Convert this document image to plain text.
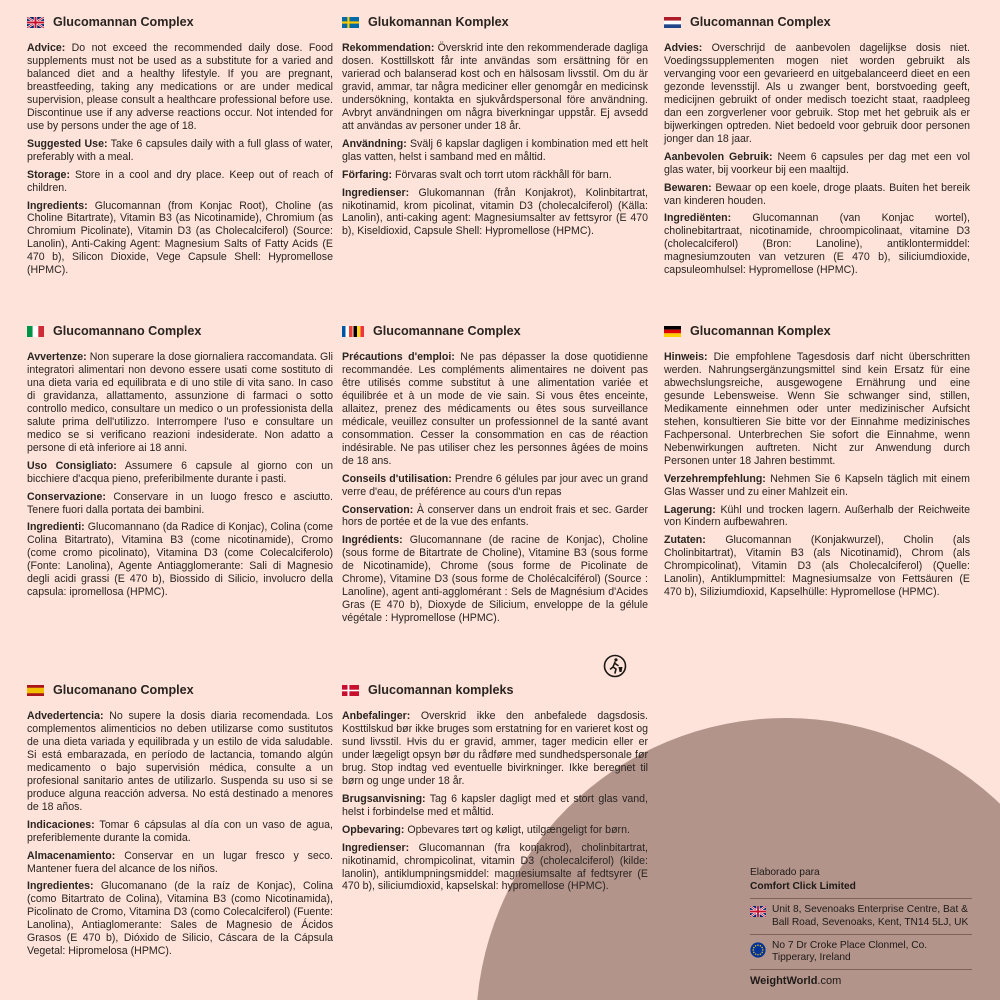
Glucomannan Complex

Advice: Do not exceed the recommended daily dose. Food supplements must not be used as a substitute for a varied and balanced diet and a healthy lifestyle. If you are pregnant, breastfeeding, taking any medications or are under medical supervision, please consult a healthcare professional before use. Discontinue use if any adverse reactions occur. Not intended for use by persons under the age of 18.

Suggested Use: Take 6 capsules daily with a full glass of water, preferably with a meal.

Storage: Store in a cool and dry place. Keep out of reach of children.

Ingredients: Glucomannan (from Konjac Root), Choline (as Choline Bitartrate), Vitamin B3 (as Nicotinamide), Chromium (as Chromium Picolinate), Vitamin D3 (as Cholecalciferol) (Source: Lanolin), Anti-Caking Agent: Magnesium Salts of Fatty Acids (E 470 b), Silicon Dioxide, Vege Capsule Shell: Hypromellose (HPMC).

Glukomannan Komplex

Rekommendation: Överskrid inte den rekommenderade dagliga dosen. Kosttillskott får inte användas som ersättning för en varierad och balanserad kost och en hälsosam livsstil. Om du är gravid, ammar, tar några mediciner eller genomgår en medicinsk undersökning, kontakta en sjukvårdspersonal före användning. Avbryt användningen om några biverkningar uppstår. Ej avsedd att användas av personer under 18 år.

Användning: Svälj 6 kapslar dagligen i kombination med ett helt glas vatten, helst i samband med en måltid.

Förfaring: Förvaras svalt och torrt utom räckhåll för barn.

Ingredienser: Glukomannan (från Konjakrot), Kolinbitartrat, nikotinamid, krom picolinat, vitamin D3 (cholecalciferol) (Källa: Lanolin), anti-caking agent: Magnesiumsalter av fettsyror (E 470 b), Kiseldioxid, Capsule Shell: Hypromellose (HPMC).

Glucomannan Complex

Advies: Overschrijd de aanbevolen dagelijkse dosis niet. Voedingssupplementen mogen niet worden gebruikt als vervanging voor een gevarieerd en uitgebalanceerd dieet en een gezonde levensstijl. Als u zwanger bent, borstvoeding geeft, medicijnen gebruikt of onder medisch toezicht staat, raadpleeg dan een zorgverlener voor gebruik. Stop met het gebruik als er bijwerkingen optreden. Niet bedoeld voor gebruik door personen jonger dan 18 jaar.

Aanbevolen Gebruik: Neem 6 capsules per dag met een vol glas water, bij voorkeur bij een maaltijd.

Bewaren: Bewaar op een koele, droge plaats. Buiten het bereik van kinderen houden.

Ingrediënten: Glucomannan (van Konjac wortel), cholinebitartraat, nicotinamide, chroompicolinaat, vitamine D3 (cholecalciferol) (Bron: Lanoline), antiklontermiddel: magnesiumzouten van vetzuren (E 470 b), siliciumdioxide, capsuleomhulsel: Hypromellose (HPMC).

Glucomannano Complex

Avvertenze: Non superare la dose giornaliera raccomandata. Gli integratori alimentari non devono essere usati come sostituto di una dieta varia ed equilibrata e di uno stile di vita sano. In caso di gravidanza, allattamento, assunzione di farmaci o sotto controllo medico, consultare un medico o un professionista della salute prima dell'utilizzo. Interrompere l'uso e consultare un medico se si verificano reazioni indesiderate. Non adatto a persone di età inferiore ai 18 anni.

Uso Consigliato: Assumere 6 capsule al giorno con un bicchiere d'acqua pieno, preferibilmente durante i pasti.

Conservazione: Conservare in un luogo fresco e asciutto. Tenere fuori dalla portata dei bambini.

Ingredienti: Glucomannano (da Radice di Konjac), Colina (come Colina Bitartrato), Vitamina B3 (come nicotinamide), Cromo (come cromo picolinato), Vitamina D3 (come Colecalciferolo) (Fonte: Lanolina), Agente Antiagglomerante: Sali di Magnesio degli acidi grassi (E 470 b), Biossido di Silicio, involucro della capsula: ipromellosa (HPMC).

Glucomannane Complex

Précautions d'emploi: Ne pas dépasser la dose quotidienne recommandée. Les compléments alimentaires ne doivent pas être utilisés comme substitut à une alimentation variée et équilibrée et à un mode de vie sain. Si vous êtes enceinte, allaitez, prenez des médicaments ou êtes sous surveillance médicale, veuillez consulter un professionnel de la santé avant consommation. Cesser la consommation en cas de réaction indésirable. Ne pas utiliser chez les personnes âgées de moins de 18 ans.

Conseils d'utilisation: Prendre 6 gélules par jour avec un grand verre d'eau, de préférence au cours d'un repas

Conservation: À conserver dans un endroit frais et sec. Garder hors de portée et de la vue des enfants.

Ingrédients: Glucomannane (de racine de Konjac), Choline (sous forme de Bitartrate de Choline), Vitamine B3 (sous forme de Nicotinamide), Chrome (sous forme de Picolinate de Chrome), Vitamine D3 (sous forme de Cholécalciférol) (Source : Lanoline), agent anti-agglomérant : Sels de Magnésium d'Acides Gras (E 470 b), Dioxyde de Silicium, enveloppe de la gélule végétale : Hypromellose (HPMC).

Glucomannan Komplex

Hinweis: Die empfohlene Tagesdosis darf nicht überschritten werden. Nahrungsergänzungsmittel sind kein Ersatz für eine abwechslungsreiche, ausgewogene Ernährung und eine gesunde Lebensweise. Wenn Sie schwanger sind, stillen, Medikamente einnehmen oder unter medizinischer Aufsicht stehen, konsultieren Sie bitte vor der Einnahme medizinisches Fachpersonal. Unterbrechen Sie sofort die Einnahme, wenn Nebenwirkungen auftreten. Nicht zur Anwendung durch Personen unter 18 Jahren bestimmt.

Verzehrempfehlung: Nehmen Sie 6 Kapseln täglich mit einem Glas Wasser und zu einer Mahlzeit ein.

Lagerung: Kühl und trocken lagern. Außerhalb der Reichweite von Kindern aufbewahren.

Zutaten: Glucomannan (Konjakwurzel), Cholin (als Cholinbitartrat), Vitamin B3 (als Nicotinamid), Chrom (als Chrompicolinat), Vitamin D3 (als Cholecalciferol) (Quelle: Lanolin), Antiklumpmittel: Magnesiumsalze von Fettsäuren (E 470 b), Siliziumdioxid, Kapselhülle: Hypromellose (HPMC).

Glucomanano Complex

Advedertencia: No supere la dosis diaria recomendada. Los complementos alimenticios no deben utilizarse como sustitutos de una dieta variada y equilibrada y un estilo de vida saludable. Si está embarazada, en período de lactancia, tomando algún medicamento o bajo supervisión médica, consulte a un profesional sanitario antes de utilizarlo. Suspenda su uso si se produce alguna reacción adversa. No está destinado a menores de 18 años.

Indicaciones: Tomar 6 cápsulas al día con un vaso de agua, preferiblemente durante la comida.

Almacenamiento: Conservar en un lugar fresco y seco. Mantener fuera del alcance de los niños.

Ingredientes: Glucomanano (de la raíz de Konjac), Colina (como Bitartrato de Colina), Vitamina B3 (como Nicotinamida), Picolinato de Cromo, Vitamina D3 (como Colecalciferol) (Fuente: Lanolina), Antiaglomerante: Sales de Magnesio de Ácidos Grasos (E 470 b), Dióxido de Silicio, Cáscara de la Cápsula Vegetal: Hipromelosa (HPMC).

Glucomannan kompleks

Anbefalinger: Overskrid ikke den anbefalede dagsdosis. Kosttilskud bør ikke bruges som erstatning for en varieret kost og sund livsstil. Hvis du er gravid, ammer, tager medicin eller er under lægeligt opsyn bør du rådføre med sundhedspersonale før brug. Stop indtag ved eventuelle bivirkninger. Ikke beregnet til børn og unge under 18 år.

Brugsanvisning: Tag 6 kapsler dagligt med et stort glas vand, helst i forbindelse med et måltid.

Opbevaring: Opbevares tørt og køligt, utilgængeligt for børn.

Ingredienser: Glucomannan (fra konjakrod), cholinbitartrat, nikotinamid, chrompicolinat, vitamin D3 (cholecalciferol) (kilde: lanolin), antiklumpningsmiddel: magnesiumsalte af fedtsyrer (E 470 b), siliciumdioxid, kapselskal: hypromellose (HPMC).

Elaborado para
Comfort Click Limited
Unit 8, Sevenoaks Enterprise Centre, Bat & Ball Road, Sevenoaks, Kent, TN14 5LJ, UK
No 7 Dr Croke Place Clonmel, Co. Tipperary, Ireland
WeightWorld.com
